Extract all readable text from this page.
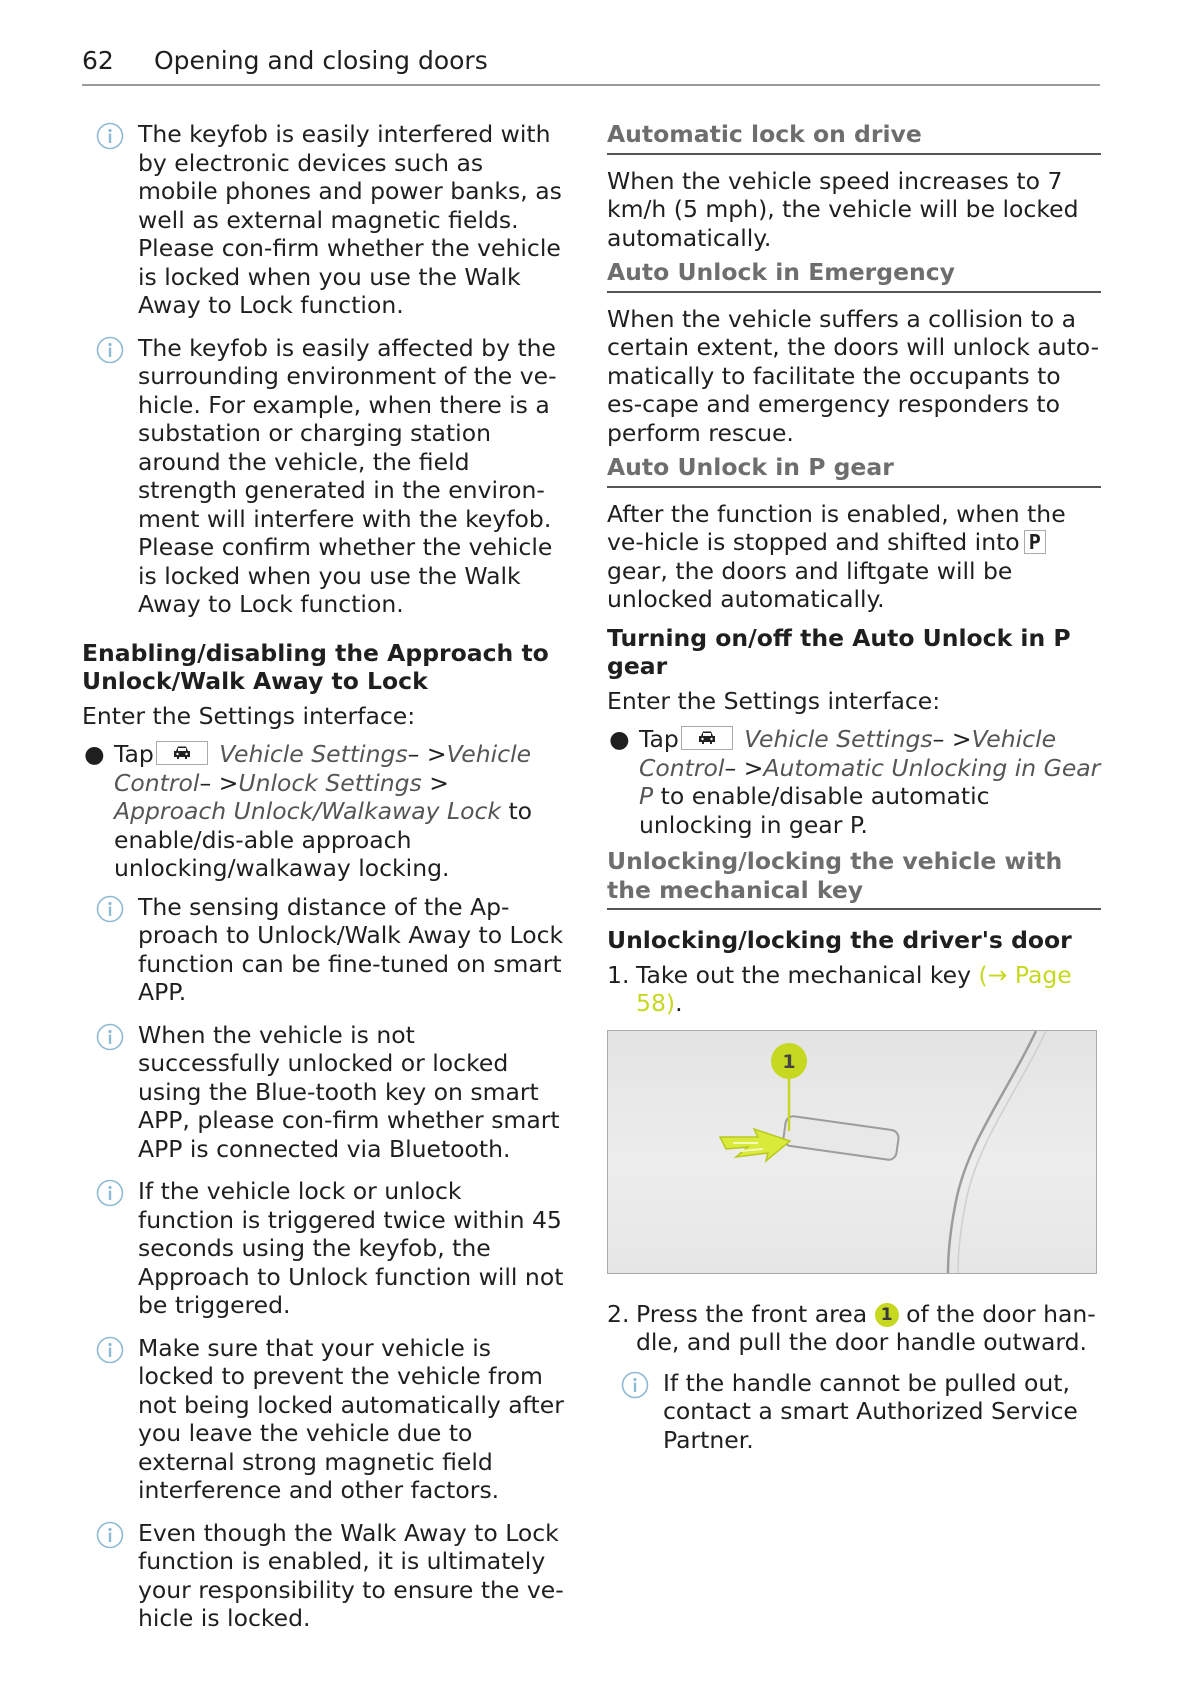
62 Opening and closing doors

The keyfob is easily interfered with by electronic devices such as mobile phones and power banks, as well as external magnetic fields. Please con-firm whether the vehicle is locked when you use the Walk Away to Lock function.

The keyfob is easily affected by the surrounding environment of the ve-hicle. For example, when there is a substation or charging station around the vehicle, the field strength generated in the environ-ment will interfere with the keyfob. Please confirm whether the vehicle is locked when you use the Walk Away to Lock function.

Enabling/disabling the Approach to Unlock/Walk Away to Lock

Enter the Settings interface:

● Tap	Vehicle Settings– >Vehicle Control– >Unlock Settings > Approach Unlock/Walkaway Lock to enable/dis-able approach unlocking/walkaway locking.

The sensing distance of the Ap-proach to Unlock/Walk Away to Lock function can be fine-tuned on smart APP.

When the vehicle is not successfully unlocked or locked using the Blue-tooth key on smart APP, please con-firm whether smart APP is connected via Bluetooth.

If the vehicle lock or unlock function is triggered twice within 45 seconds using the keyfob, the Approach to Unlock function will not be triggered.

Make sure that your vehicle is locked to prevent the vehicle from not being locked automatically after you leave the vehicle due to external strong magnetic field interference and other factors.

Even though the Walk Away to Lock function is enabled, it is ultimately your responsibility to ensure the ve-hicle is locked.

Automatic lock on drive

When the vehicle speed increases to 7 km/h (5 mph), the vehicle will be locked automatically.

Auto Unlock in Emergency

When the vehicle suffers a collision to a certain extent, the doors will unlock auto-matically to facilitate the occupants to es-cape and emergency responders to perform rescue.

Auto Unlock in P gear

After the function is enabled, when the ve-hicle is stopped and shifted into Pgear, the doors and liftgate will be unlocked automatically.

Turning on/off the Auto Unlock in P gear

Enter the Settings interface:

● Tap	Vehicle Settings– >Vehicle Control– >Automatic Unlocking in Gear P to enable/disable automatic unlocking in gear P.

Unlocking/locking the vehicle with the mechanical key

Unlocking/locking the driver's door

1. Take out the mechanical key (→ Page 58).
1
2. Press the front area 1 of the door han-dle, and pull the door handle outward.

If the handle cannot be pulled out, contact a smart Authorized Service Partner.
